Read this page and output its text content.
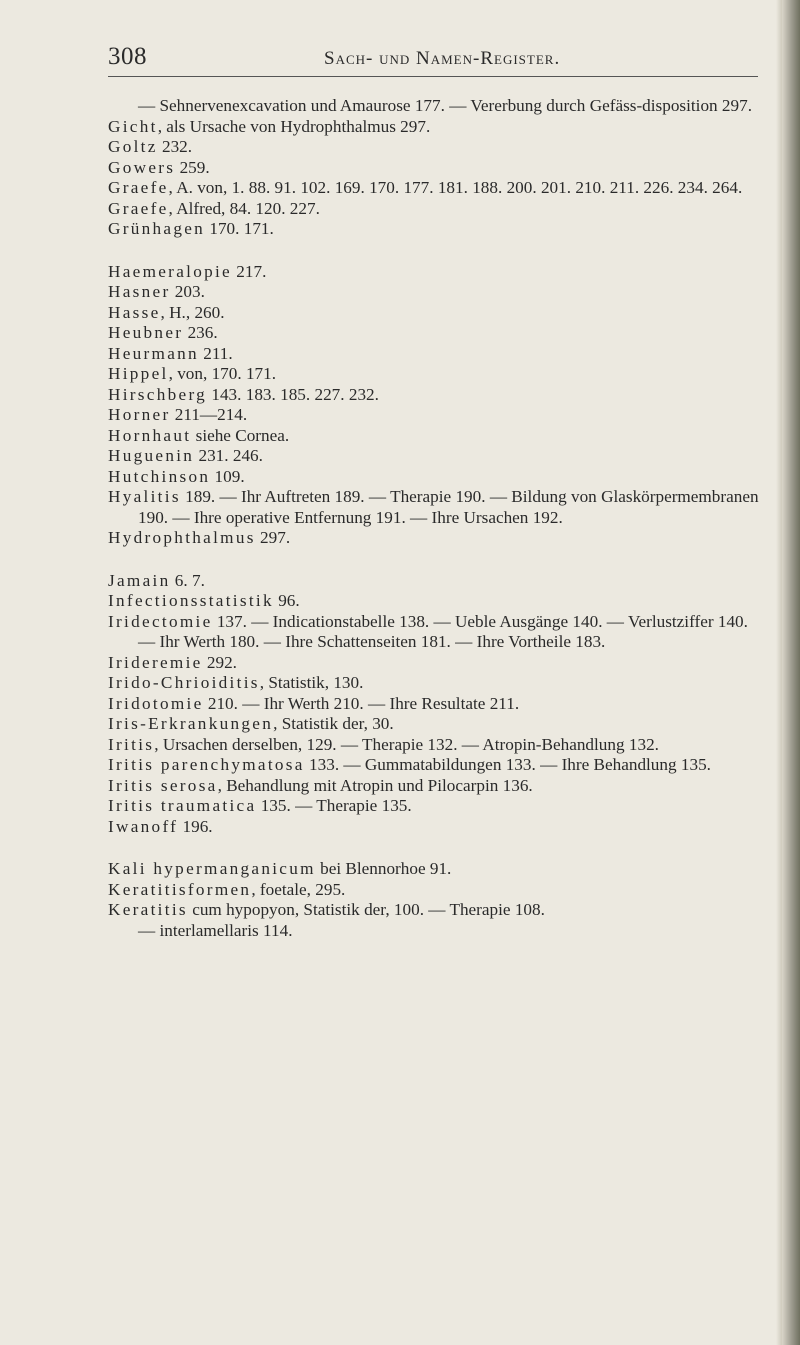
308	Sach- und Namen-Register.

— Sehnervenexcavation und Amaurose 177. — Vererbung durch Gefäss-disposition 297.

Gicht, als Ursache von Hydrophthalmus 297.

Goltz 232.

Gowers 259.

Graefe, A. von, 1. 88. 91. 102. 169. 170. 177. 181. 188. 200. 201. 210. 211. 226. 234. 264.

Graefe, Alfred, 84. 120. 227.

Grünhagen 170. 171.

Haemeralopie 217.

Hasner 203.

Hasse, H., 260.

Heubner 236.

Heurmann 211.

Hippel, von, 170. 171.

Hirschberg 143. 183. 185. 227. 232.

Horner 211—214.

Hornhaut siehe Cornea.

Huguenin 231. 246.

Hutchinson 109.

Hyalitis 189. — Ihr Auftreten 189. — Therapie 190. — Bildung von Glaskörpermembranen 190. — Ihre operative Entfernung 191. — Ihre Ursachen 192.

Hydrophthalmus 297.

Jamain 6. 7.

Infectionsstatistik 96.

Iridectomie 137. — Indicationstabelle 138. — Ueble Ausgänge 140. — Verlustziffer 140. — Ihr Werth 180. — Ihre Schattenseiten 181. — Ihre Vortheile 183.

Irideremie 292.

Irido-Chrioiditis, Statistik, 130.

Iridotomie 210. — Ihr Werth 210. — Ihre Resultate 211.

Iris-Erkrankungen, Statistik der, 30.

Iritis, Ursachen derselben, 129. — Therapie 132. — Atropin-Behandlung 132.

Iritis parenchymatosa 133. — Gummatabildungen 133. — Ihre Behandlung 135.

Iritis serosa, Behandlung mit Atropin und Pilocarpin 136.

Iritis traumatica 135. — Therapie 135.

Iwanoff 196.

Kali hypermanganicum bei Blennorhoe 91.

Keratitisformen, foetale, 295.

Keratitis cum hypopyon, Statistik der, 100. — Therapie 108.

— interlamellaris 114.
